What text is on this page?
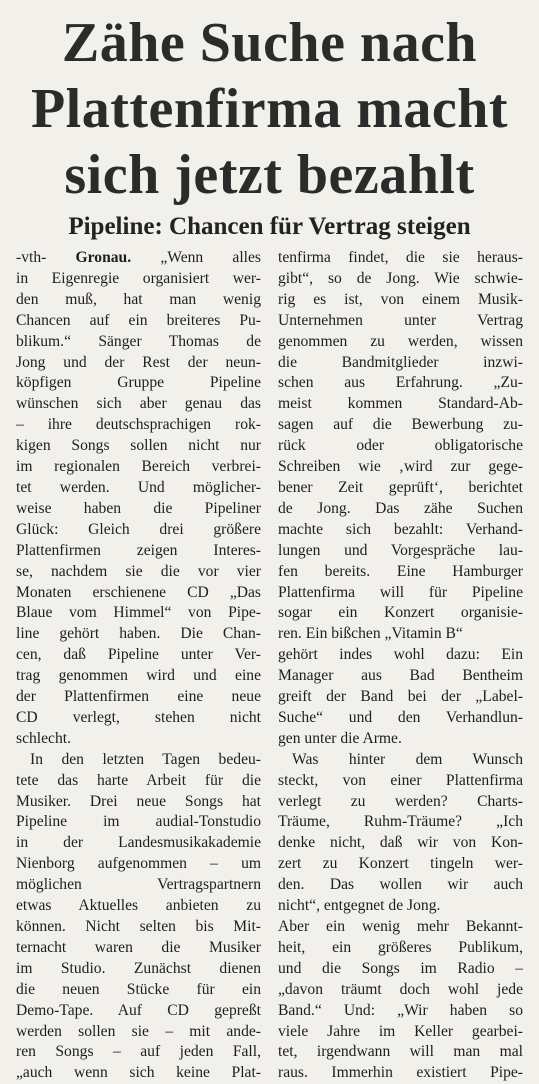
Zähe Suche nach
Plattenfirma macht
sich jetzt bezahlt
Pipeline: Chancen für Vertrag steigen
-vth- Gronau. „Wenn alles
in Eigenregie organisiert wer-
den muß, hat man wenig
Chancen auf ein breiteres Pu-
blikum.“ Sänger Thomas de
Jong und der Rest der neun-
köpfigen Gruppe Pipeline
wünschen sich aber genau das
– ihre deutschsprachigen rok-
kigen Songs sollen nicht nur
im regionalen Bereich verbrei-
tet werden. Und möglicher-
weise haben die Pipeliner
Glück: Gleich drei größere
Plattenfirmen zeigen Interes-
se, nachdem sie die vor vier
Monaten erschienene CD „Das
Blaue vom Himmel“ von Pipe-
line gehört haben. Die Chan-
cen, daß Pipeline unter Ver-
trag genommen wird und eine
der Plattenfirmen eine neue
CD verlegt, stehen nicht
schlecht.
In den letzten Tagen bedeu-
tete das harte Arbeit für die
Musiker. Drei neue Songs hat
Pipeline im audial-Tonstudio
in der Landesmusikakademie
Nienborg aufgenommen – um
möglichen Vertragspartnern
etwas Aktuelles anbieten zu
können. Nicht selten bis Mit-
ternacht waren die Musiker
im Studio. Zunächst dienen
die neuen Stücke für ein
Demo-Tape. Auf CD gepreßt
werden sollen sie – mit ande-
ren Songs – auf jeden Fall,
„auch wenn sich keine Plat-
tenfirma findet, die sie heraus-
gibt“, so de Jong. Wie schwie-
rig es ist, von einem Musik-
Unternehmen unter Vertrag
genommen zu werden, wissen
die Bandmitglieder inzwi-
schen aus Erfahrung. „Zu-
meist kommen Standard-Ab-
sagen auf die Bewerbung zu-
rück oder obligatorische
Schreiben wie ‚wird zur gege-
bener Zeit geprüft‘, berichtet
de Jong. Das zähe Suchen
machte sich bezahlt: Verhand-
lungen und Vorgespräche lau-
fen bereits. Eine Hamburger
Plattenfirma will für Pipeline
sogar ein Konzert organisie-
ren. Ein bißchen „Vitamin B“
gehört indes wohl dazu: Ein
Manager aus Bad Bentheim
greift der Band bei der „Label-
Suche“ und den Verhandlun-
gen unter die Arme.
Was hinter dem Wunsch
steckt, von einer Plattenfirma
verlegt zu werden? Charts-
Träume, Ruhm-Träume? „Ich
denke nicht, daß wir von Kon-
zert zu Konzert tingeln wer-
den. Das wollen wir auch
nicht“, entgegnet de Jong.
Aber ein wenig mehr Bekannt-
heit, ein größeres Publikum,
und die Songs im Radio –
„davon träumt doch wohl jede
Band.“ Und: „Wir haben so
viele Jahre im Keller gearbei-
tet, irgendwann will man mal
raus. Immerhin existiert Pipe-
